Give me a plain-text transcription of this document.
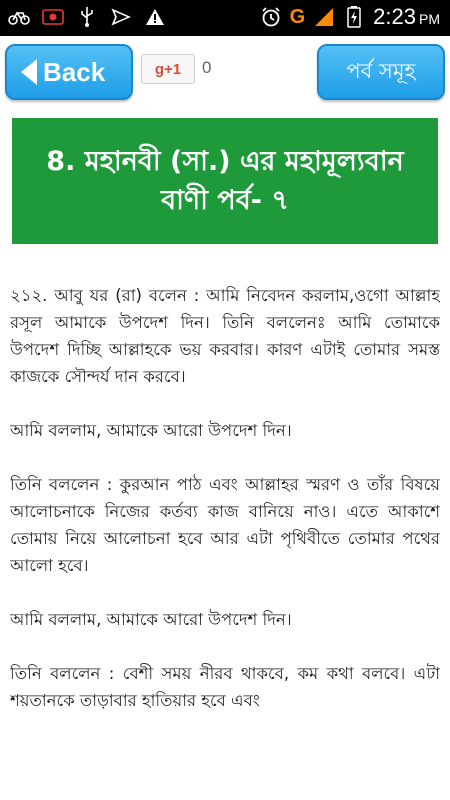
G	2:23 PM
Back	g+1 0	পর্ব সমূহ
8. মহানবী (সা.) এর মহামূল্যবান বাণী পর্ব- ৭

২১২. আবু যর (রা) বলেন : আমি নিবেদন করলাম,ওগো আল্লাহ রসূল আমাকে উপদেশ দিন। তিনি বললেনঃ আমি তোমাকে উপদেশ দিচ্ছি আল্লাহকে ভয় করবার। কারণ এটাই তোমার সমস্ত কাজকে সৌন্দর্য দান করবে।

আমি বললাম, আমাকে আরো উপদেশ দিন।

তিনি বললেন : কুরআন পাঠ এবং আল্লাহর স্মরণ ও তাঁর বিষয়ে আলোচনাকে নিজের কর্তব্য কাজ বানিয়ে নাও। এতে আকাশে তোমায় নিয়ে আলোচনা হবে আর এটা পৃথিবীতে তোমার পথের আলো হবে।

আমি বললাম, আমাকে আরো উপদেশ দিন।

তিনি বললেন : বেশী সময় নীরব থাকবে, কম কথা বলবে। এটা শয়তানকে তাড়াবার হাতিয়ার হবে এবং
